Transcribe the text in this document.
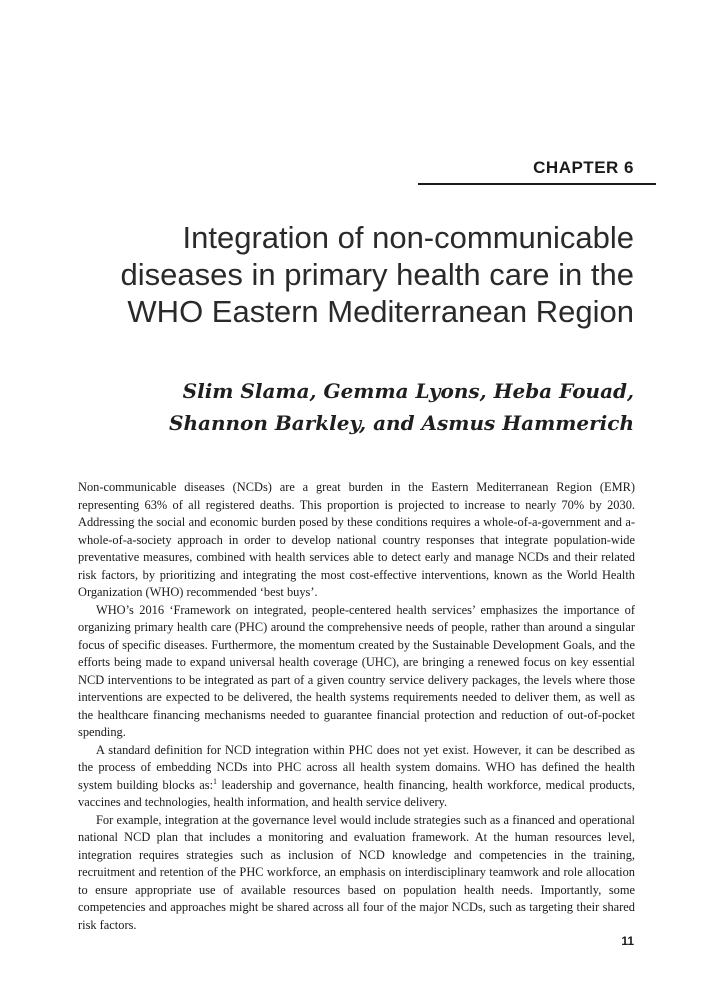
CHAPTER 6
Integration of non-communicable
diseases in primary health care in the
WHO Eastern Mediterranean Region
Slim Slama, Gemma Lyons, Heba Fouad,
Shannon Barkley, and Asmus Hammerich

Non-communicable diseases (NCDs) are a great burden in the Eastern Mediterranean Region (EMR) representing 63% of all registered deaths. This proportion is projected to increase to nearly 70% by 2030. Addressing the social and economic burden posed by these conditions requires a whole-of-a-government and a-whole-of-a-society approach in order to develop national country responses that integrate population-wide preventative measures, combined with health services able to detect early and manage NCDs and their related risk factors, by prioritizing and integrating the most cost-effective interventions, known as the World Health Organization (WHO) recommended ‘best buys’.

WHO’s 2016 ‘Framework on integrated, people-centered health services’ emphasizes the importance of organizing primary health care (PHC) around the comprehensive needs of people, rather than around a singular focus of specific diseases. Furthermore, the momentum created by the Sustainable Development Goals, and the efforts being made to expand universal health coverage (UHC), are bringing a renewed focus on key essential NCD interventions to be integrated as part of a given country service delivery packages, the levels where those interventions are expected to be delivered, the health systems requirements needed to deliver them, as well as the healthcare financing mechanisms needed to guarantee financial protection and reduction of out-of-pocket spending.

A standard definition for NCD integration within PHC does not yet exist. However, it can be described as the process of embedding NCDs into PHC across all health system domains. WHO has defined the health system building blocks as:$^1$ leadership and governance, health financing, health workforce, medical products, vaccines and technologies, health information, and health service delivery.

For example, integration at the governance level would include strategies such as a financed and operational national NCD plan that includes a monitoring and evaluation framework. At the human resources level, integration requires strategies such as inclusion of NCD knowledge and competencies in the training, recruitment and retention of the PHC workforce, an emphasis on interdisciplinary teamwork and role allocation to ensure appropriate use of available resources based on population health needs. Importantly, some competencies and approaches might be shared across all four of the major NCDs, such as targeting their shared risk factors.

11
